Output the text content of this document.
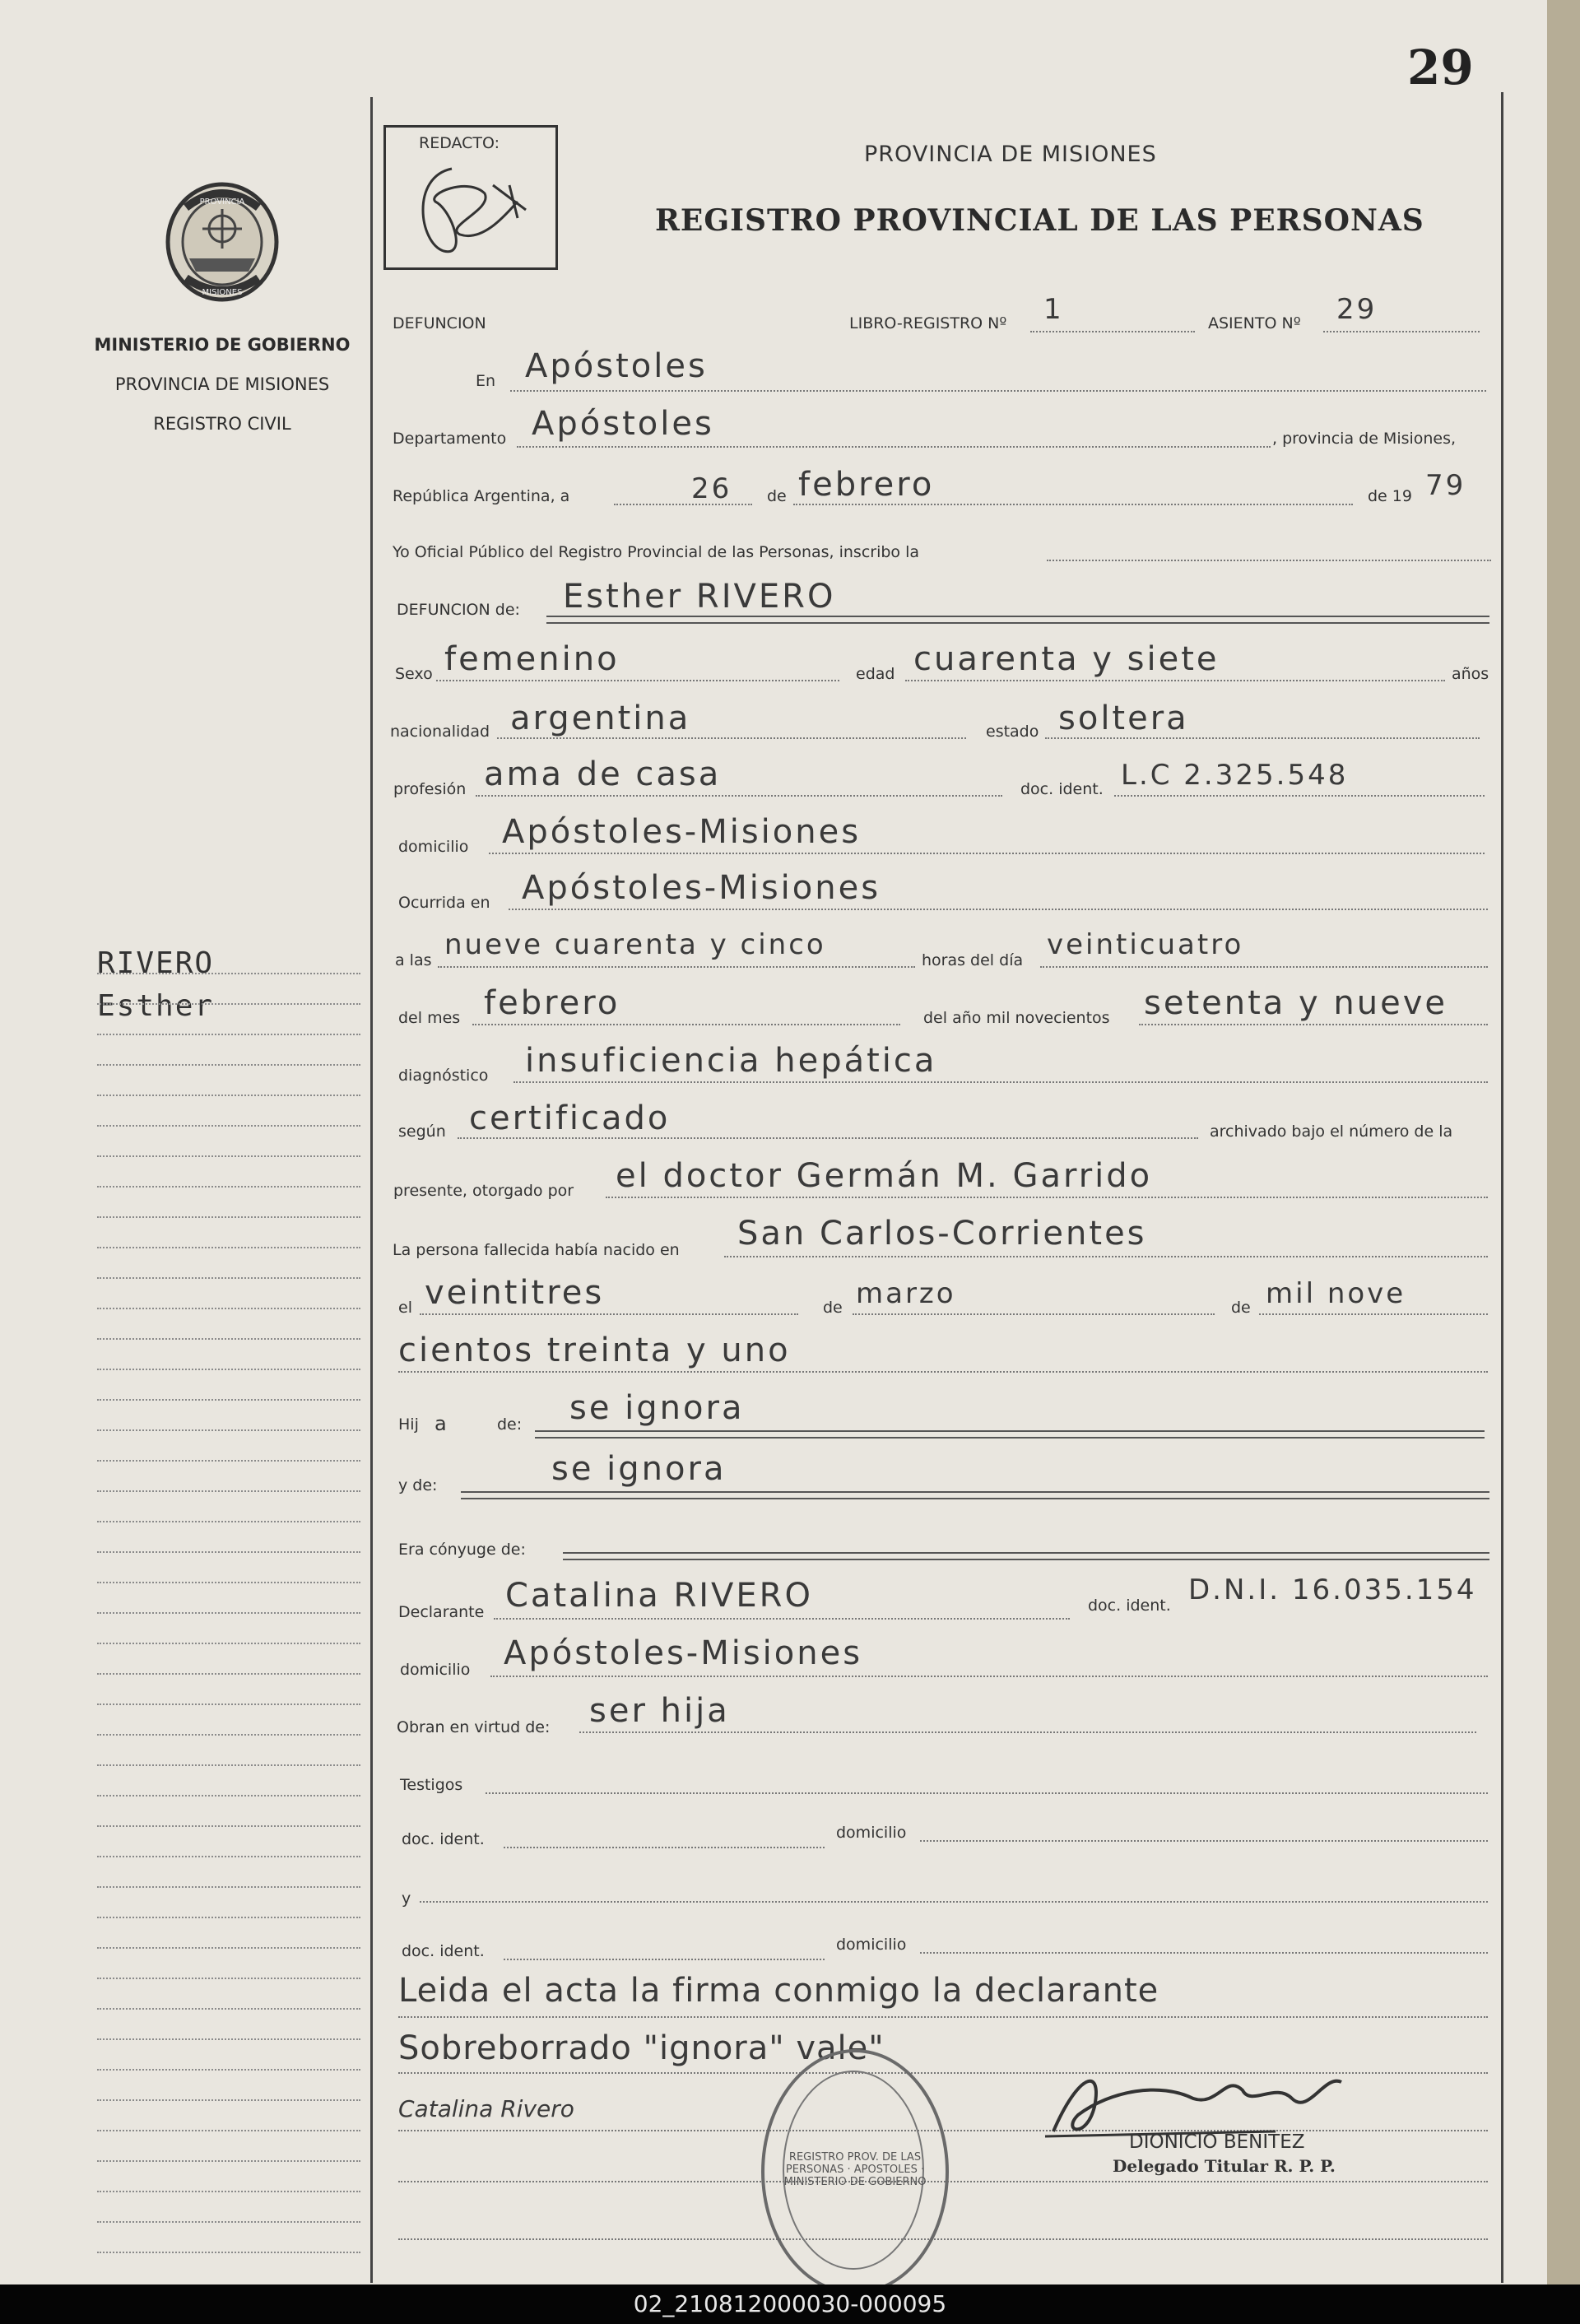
29
PROVINCIA
MISIONES
MINISTERIO DE GOBIERNO
PROVINCIA DE MISIONES
REGISTRO CIVIL
RIVERO
Esther
REDACTO:	PROVINCIA DE MISIONES
REGISTRO PROVINCIAL DE LAS PERSONAS
DEFUNCION	LIBRO-REGISTRO Nº 1	ASIENTO Nº 29
En Apóstoles
Departamento Apóstoles	, provincia de Misiones,
República Argentina, a	26 de febrero	de 19 79
Yo Oficial Público del Registro Provincial de las Personas, inscribo la
DEFUNCION de: Esther RIVERO
Sexo femenino	edad cuarenta y siete	años
nacionalidad argentina	estado soltera
profesión ama de casa	doc. ident. L.C 2.325.548
domicilio Apóstoles-Misiones
Ocurrida en Apóstoles-Misiones
a las nueve cuarenta y cinco	horas del día veinticuatro
del mes febrero	del año mil novecientos setenta y nueve
diagnóstico insuficiencia hepática
según certificado	archivado bajo el número de la
presente, otorgado por el doctor Germán M. Garrido
La persona fallecida había nacido en San Carlos-Corrientes
el veintitres	de marzo	de mil nove
cientos treinta y uno
Hij a	de: se ignora
y de:	se ignora
Era cónyuge de:
Declarante Catalina RIVERO	doc. ident. D.N.I. 16.035.154
domicilio Apóstoles-Misiones
Obran en virtud de: ser hija
Testigos
doc. ident.	domicilio
y
doc. ident.	domicilio
Leida el acta la firma conmigo la declarante
Sobreborrado "ignora" vale"
Catalina Rivero
REGISTRO PROV. DE LAS PERSONAS · APOSTOLES · MINISTERIO DE GOBIERNO
DIONICIO BENITEZ
Delegado Titular R. P. P.
02_210812000030-000095
